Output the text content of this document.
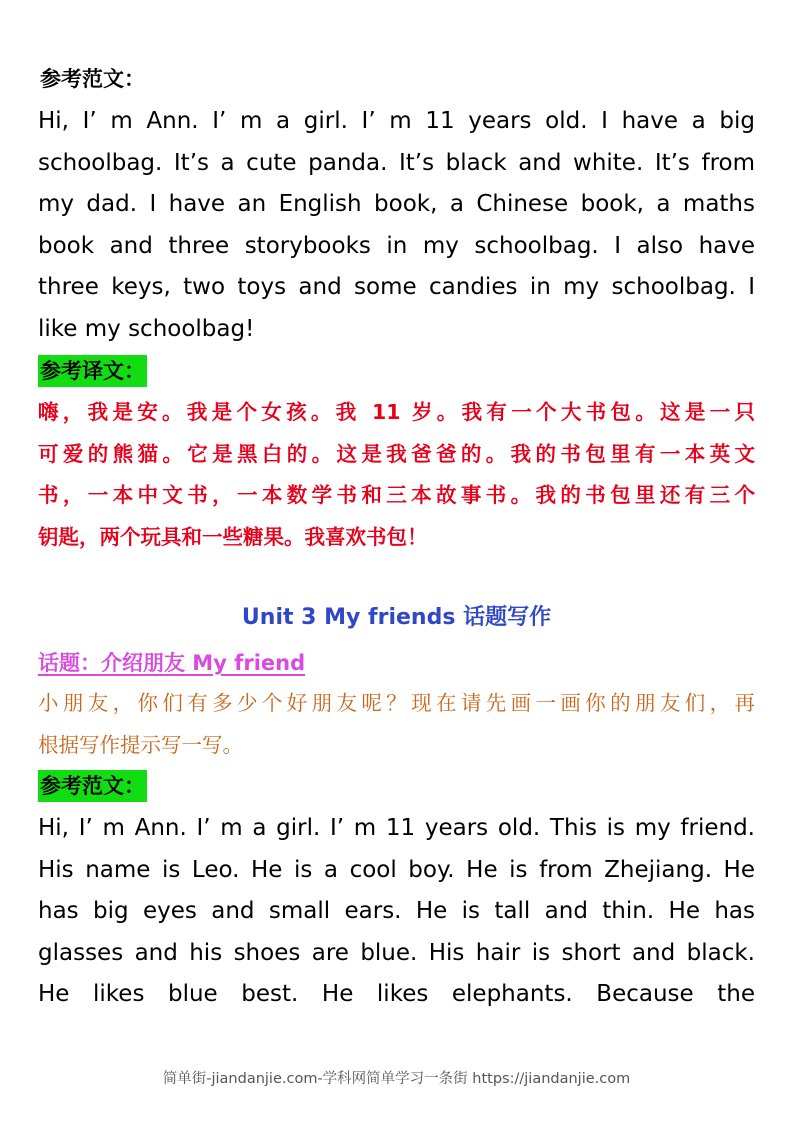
参考范文：
Hi, I’ m Ann. I’ m a girl. I’ m 11 years old. I have a big
schoolbag. It’s a cute panda. It’s black and white. It’s from
my dad. I have an English book, a Chinese book, a maths
book and three storybooks in my schoolbag. I also have
three keys, two toys and some candies in my schoolbag. I
like my schoolbag!
参考译文：
嗨，我是安。我是个女孩。我 11 岁。我有一个大书包。这是一只
可爱的熊猫。它是黑白的。这是我爸爸的。我的书包里有一本英文
书，一本中文书，一本数学书和三本故事书。我的书包里还有三个
钥匙，两个玩具和一些糖果。我喜欢书包！
Unit 3 My friends 话题写作
话题：介绍朋友 My friend
小朋友，你们有多少个好朋友呢？现在请先画一画你的朋友们，再
根据写作提示写一写。
参考范文：
Hi, I’ m Ann. I’ m a girl. I’ m 11 years old. This is my friend.
His name is Leo. He is a cool boy. He is from Zhejiang. He
has big eyes and small ears. He is tall and thin. He has
glasses and his shoes are blue. His hair is short and black.
He likes blue best. He likes elephants. Because the
简单街-jiandanjie.com-学科网简单学习一条街 https://jiandanjie.com
